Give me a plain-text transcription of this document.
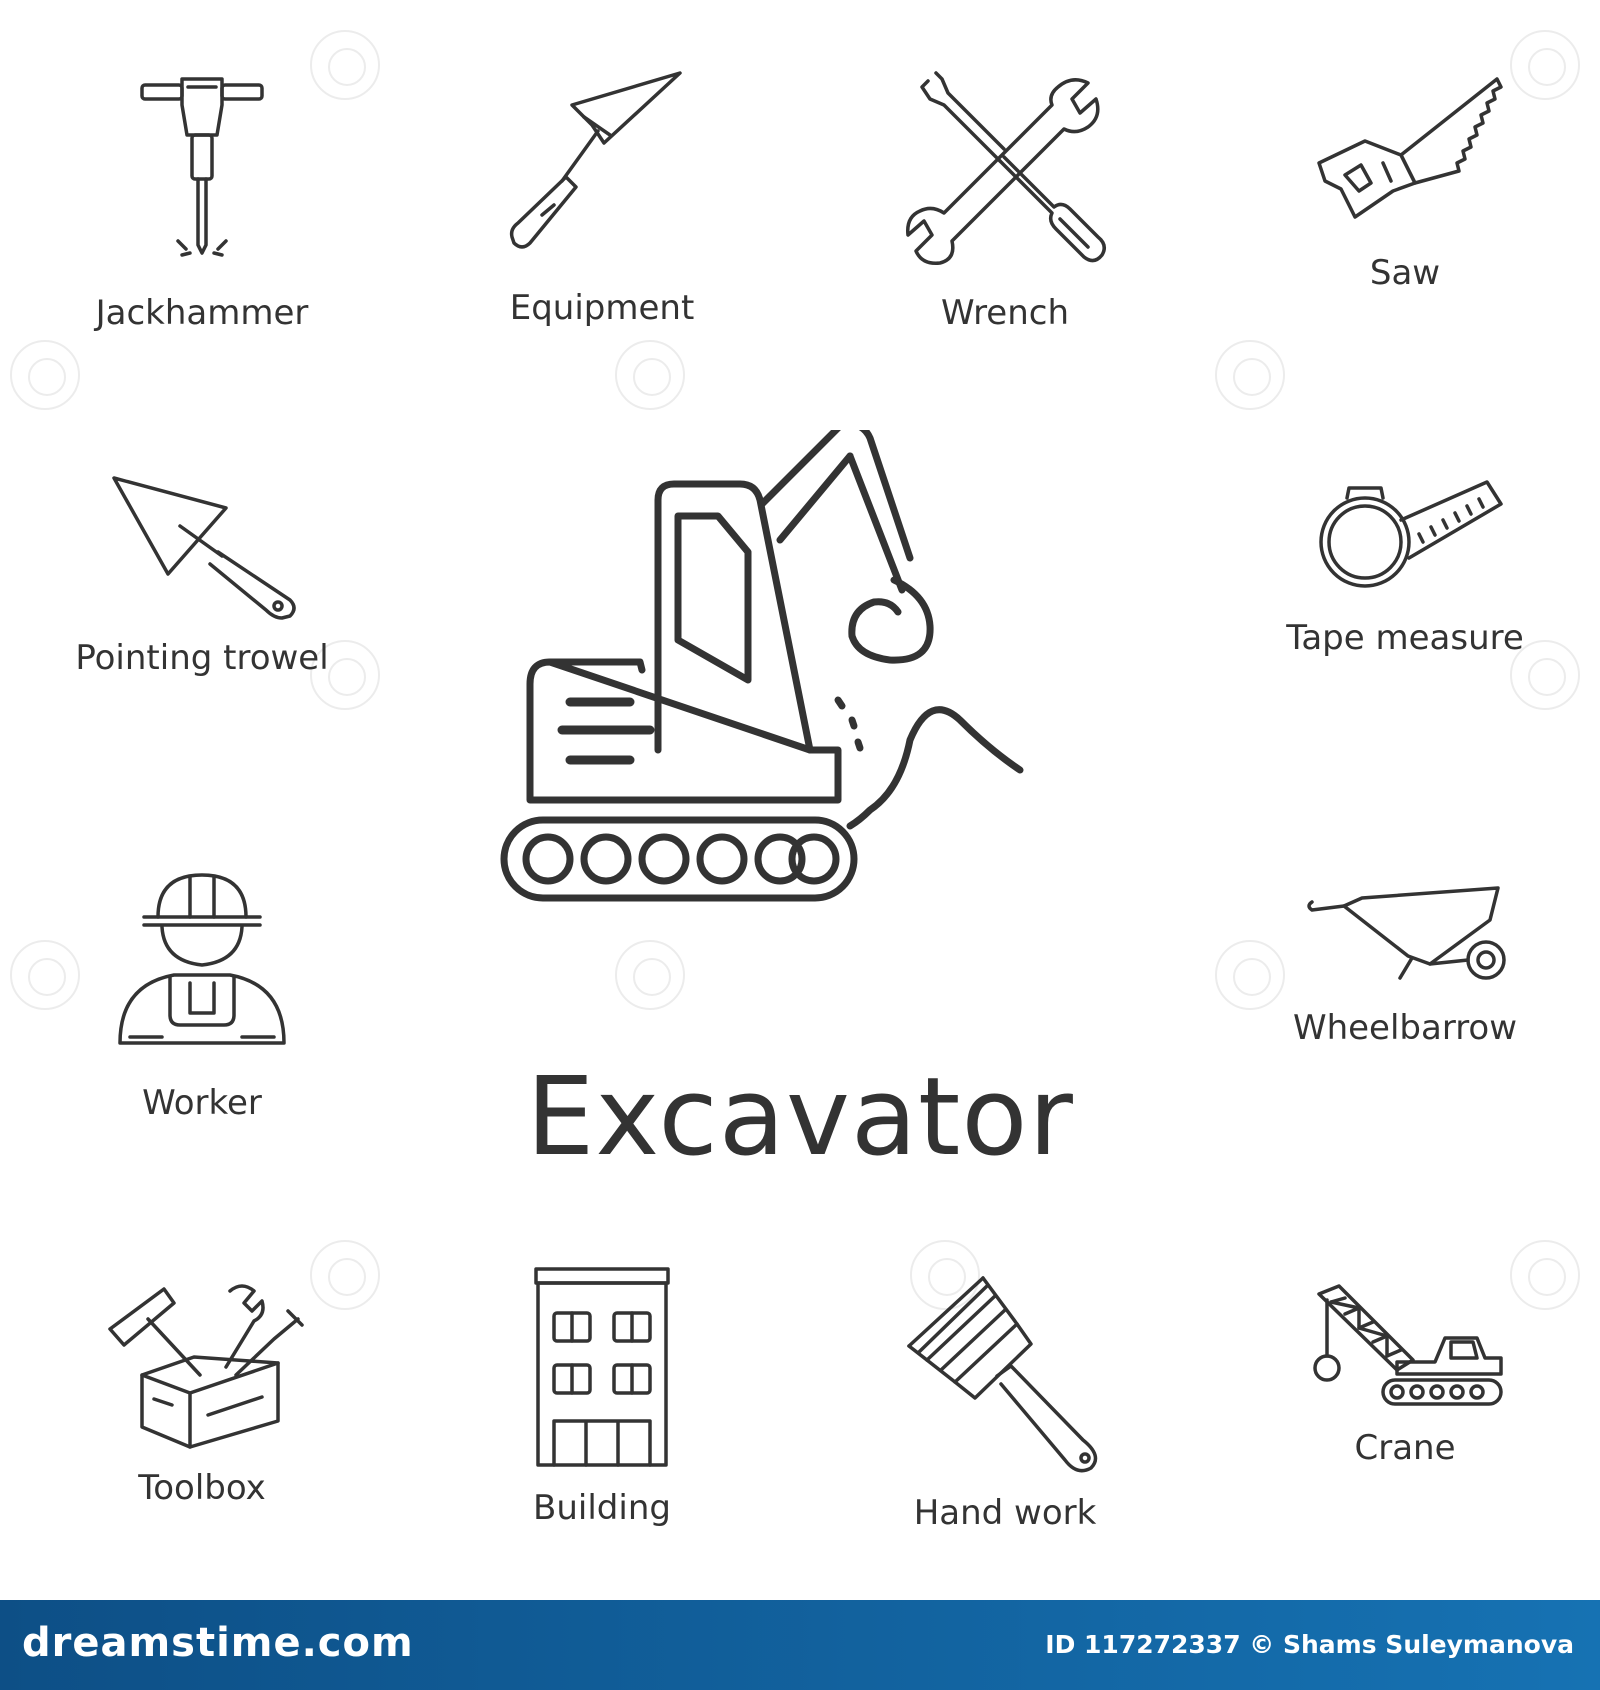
Jackhammer	Equipment	Wrench
Saw
Pointing trowel	Tape measure
Worker
Wheelbarrow
Toolbox	Building	Hand work
Crane
Excavator
dreamstime.com	ID 117272337 © Shams Suleymanova
